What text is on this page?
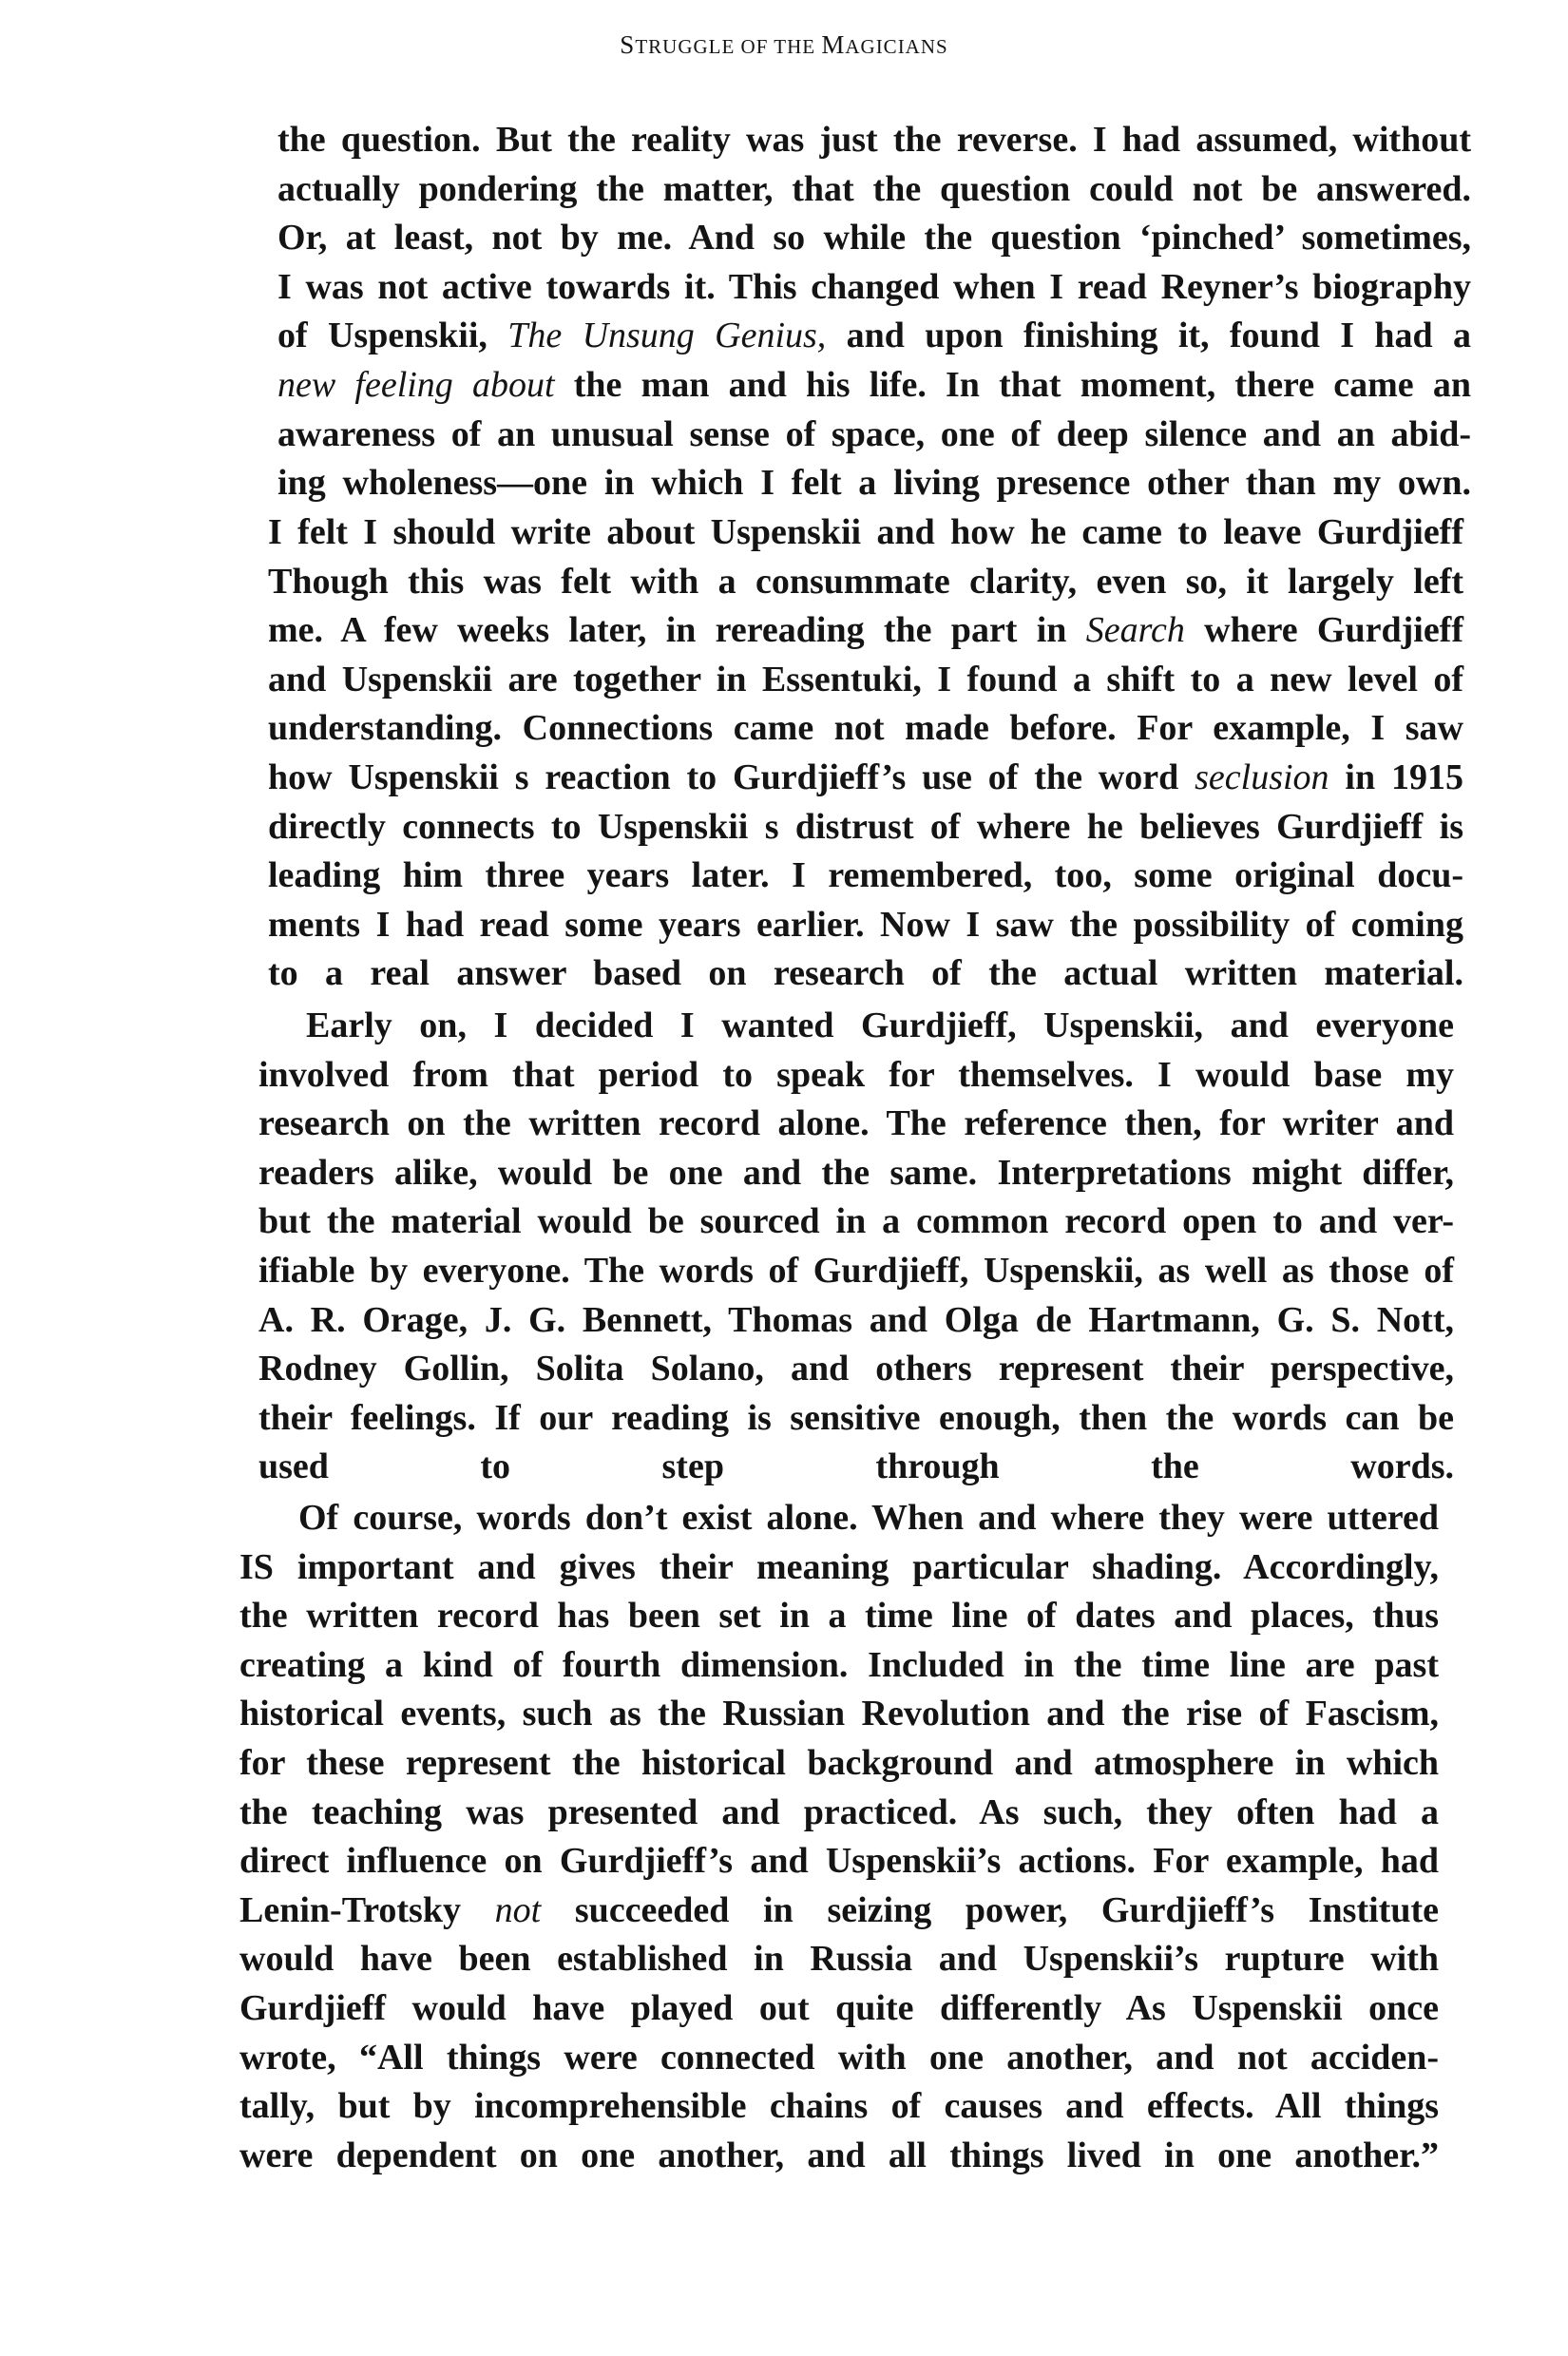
STRUGGLE OF THE MAGICIANS
the question. But the reality was just the reverse. I had assumed, without
actually pondering the matter, that the question could not be answered.
Or, at least, not by me. And so while the question ‘pinched’ sometimes,
I was not active towards it. This changed when I read Reyner’s biography
of Uspenskii, The Unsung Genius, and upon finishing it, found I had a
new feeling about the man and his life. In that moment, there came an
awareness of an unusual sense of space, one of deep silence and an abid-
ing wholeness—one in which I felt a living presence other than my own.
I felt I should write about Uspenskii and how he came to leave Gurdjieff
Though this was felt with a consummate clarity, even so, it largely left
me. A few weeks later, in rereading the part in Search where Gurdjieff
and Uspenskii are together in Essentuki, I found a shift to a new level of
understanding. Connections came not made before. For example, I saw
how Uspenskii s reaction to Gurdjieff’s use of the word seclusion in 1915
directly connects to Uspenskii s distrust of where he believes Gurdjieff is
leading him three years later. I remembered, too, some original docu-
ments I had read some years earlier. Now I saw the possibility of coming
to a real answer based on research of the actual written material.
Early on, I decided I wanted Gurdjieff, Uspenskii, and everyone
involved from that period to speak for themselves. I would base my
research on the written record alone. The reference then, for writer and
readers alike, would be one and the same. Interpretations might differ,
but the material would be sourced in a common record open to and ver-
ifiable by everyone. The words of Gurdjieff, Uspenskii, as well as those of
A. R. Orage, J. G. Bennett, Thomas and Olga de Hartmann, G. S. Nott,
Rodney Gollin, Solita Solano, and others represent their perspective,
their feelings. If our reading is sensitive enough, then the words can be
used to step through the words.
Of course, words don’t exist alone. When and where they were uttered
IS important and gives their meaning particular shading. Accordingly,
the written record has been set in a time line of dates and places, thus
creating a kind of fourth dimension. Included in the time line are past
historical events, such as the Russian Revolution and the rise of Fascism,
for these represent the historical background and atmosphere in which
the teaching was presented and practiced. As such, they often had a
direct influence on Gurdjieff’s and Uspenskii’s actions. For example, had
Lenin-Trotsky not succeeded in seizing power, Gurdjieff’s Institute
would have been established in Russia and Uspenskii’s rupture with
Gurdjieff would have played out quite differently As Uspenskii once
wrote, “All things were connected with one another, and not acciden-
tally, but by incomprehensible chains of causes and effects. All things
were dependent on one another, and all things lived in one another.”
